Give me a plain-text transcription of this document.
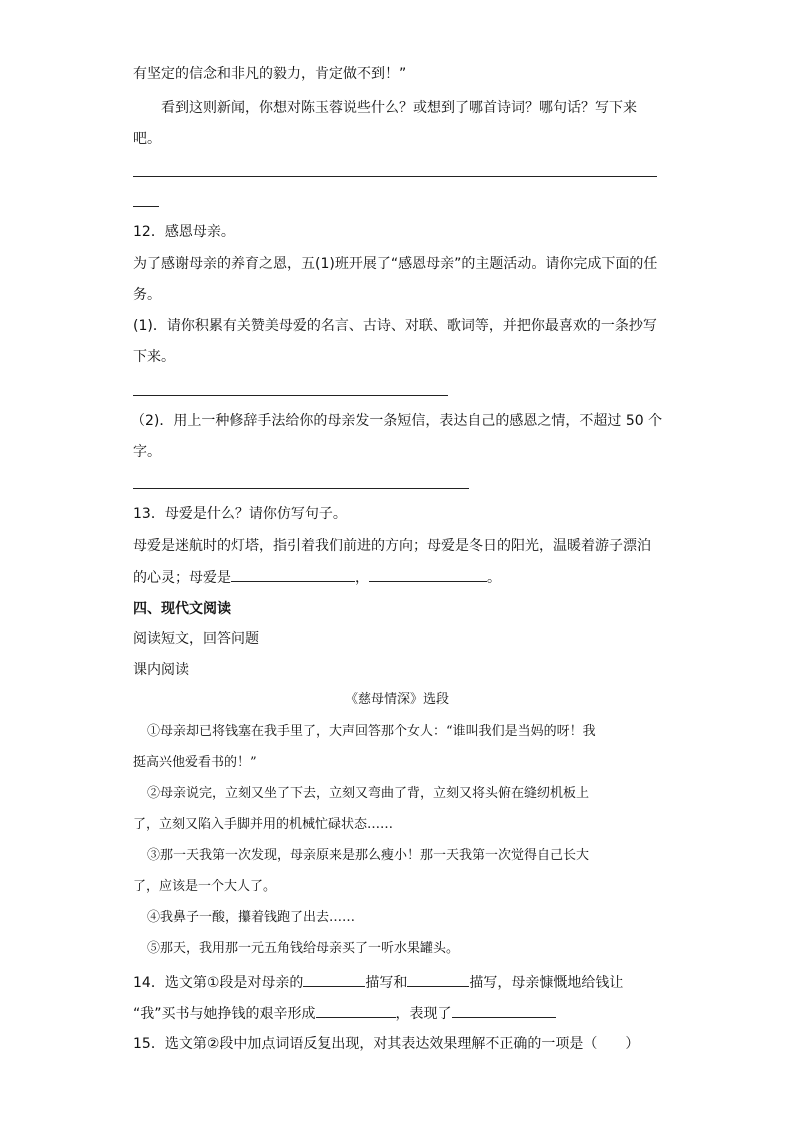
有坚定的信念和非凡的毅力，肯定做不到！”
看到这则新闻，你想对陈玉蓉说些什么？或想到了哪首诗词？哪句话？写下来
吧。
12．感恩母亲。
为了感谢母亲的养育之恩，五(1)班开展了“感恩母亲”的主题活动。请你完成下面的任
务。
(1)．请你积累有关赞美母爱的名言、古诗、对联、歌词等，并把你最喜欢的一条抄写
下来。
（2)．用上一种修辞手法给你的母亲发一条短信，表达自己的感恩之情，不超过 50 个
字。
13．母爱是什么？请你仿写句子。
母爱是迷航时的灯塔，指引着我们前进的方向；母爱是冬日的阳光，温暖着游子漂泊
的心灵；母爱是	，	。
四、现代文阅读
阅读短文，回答问题
课内阅读
《慈母情深》选段
①母亲却已将钱塞在我手里了，大声回答那个女人：“谁叫我们是当妈的呀！我
挺高兴他爱看书的！”
②母亲说完，立刻又坐了下去，立刻又弯曲了背，立刻又将头俯在缝纫机板上
了，立刻又陷入手脚并用的机械忙碌状态……
③那一天我第一次发现，母亲原来是那么瘦小！那一天我第一次觉得自己长大
了，应该是一个大人了。
④我鼻子一酸，攥着钱跑了出去……
⑤那天，我用那一元五角钱给母亲买了一听水果罐头。
14．选文第①段是对母亲的	描写和	描写，母亲慷慨地给钱让
“我”买书与她挣钱的艰辛形成	，表现了
15．选文第②段中加点词语反复出现，对其表达效果理解不正确的一项是（　　）
